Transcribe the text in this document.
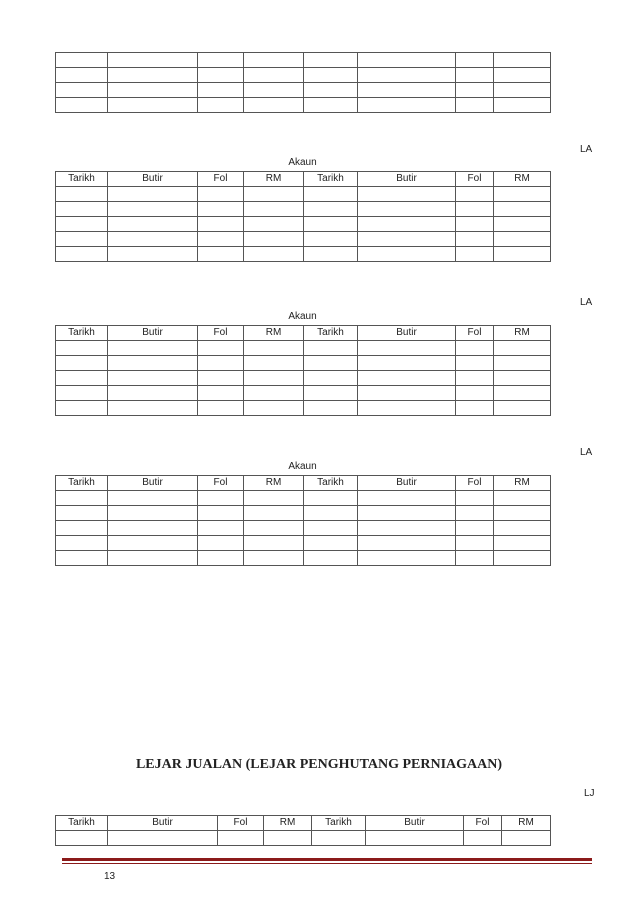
LA
Akaun
Tarikh	Butir	Fol	RM	Tarikh	Butir	Fol	RM

LA
Akaun
Tarikh	Butir	Fol	RM	Tarikh	Butir	Fol	RM

LA
Akaun
Tarikh	Butir	Fol	RM	Tarikh	Butir	Fol	RM

LEJAR JUALAN (LEJAR PENGHUTANG PERNIAGAAN)
LJ
Tarikh	Butir	Fol	RM	Tarikh	Butir	Fol	RM

13
